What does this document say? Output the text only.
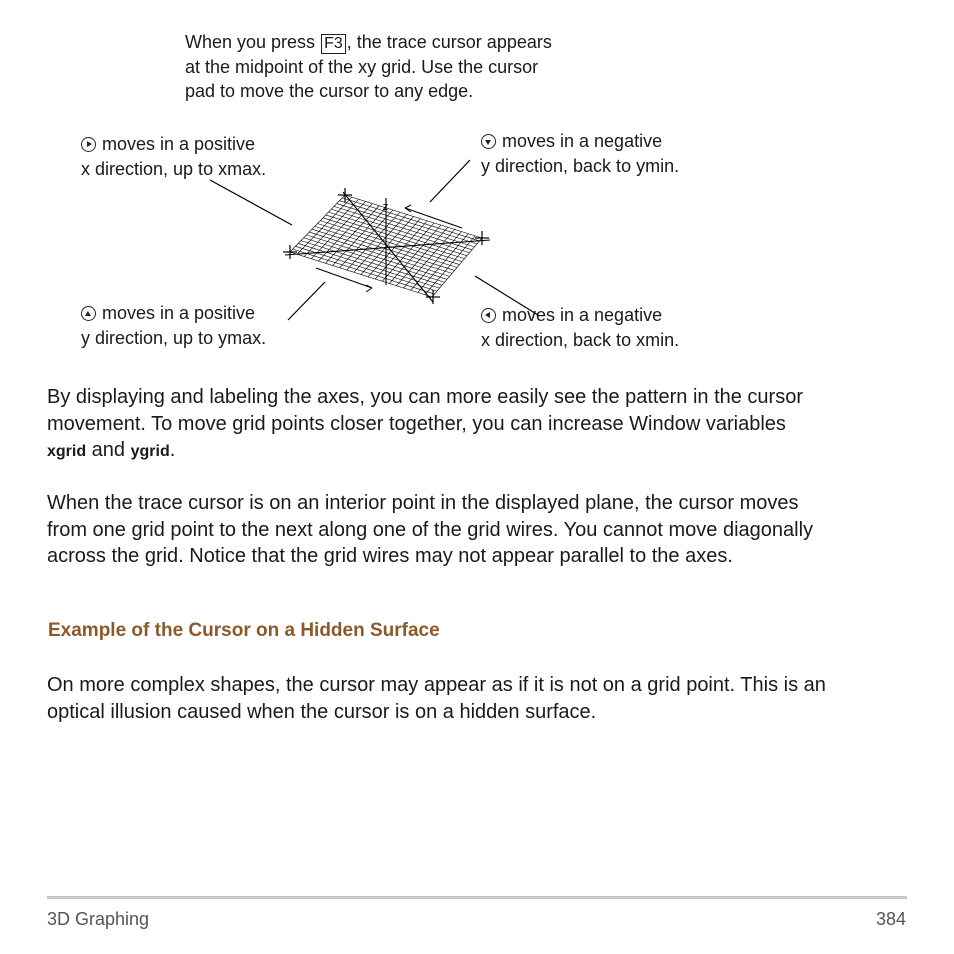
When you press F3 , the trace cursor appears
at the midpoint of the xy grid. Use the cursor
pad to move the cursor to any edge.
moves in a positive
x direction, up to xmax.
moves in a negative
y direction, back to ymin.
moves in a positive
y direction, up to ymax.
moves in a negative
x direction, back to xmin.
z
By displaying and labeling the axes, you can more easily see the pattern in the cursor
movement. To move grid points closer together, you can increase Window variables
xgrid and ygrid.
When the trace cursor is on an interior point in the displayed plane, the cursor moves
from one grid point to the next along one of the grid wires. You cannot move diagonally
across the grid. Notice that the grid wires may not appear parallel to the axes.
Example of the Cursor on a Hidden Surface
On more complex shapes, the cursor may appear as if it is not on a grid point. This is an
optical illusion caused when the cursor is on a hidden surface.
3D Graphing	384
